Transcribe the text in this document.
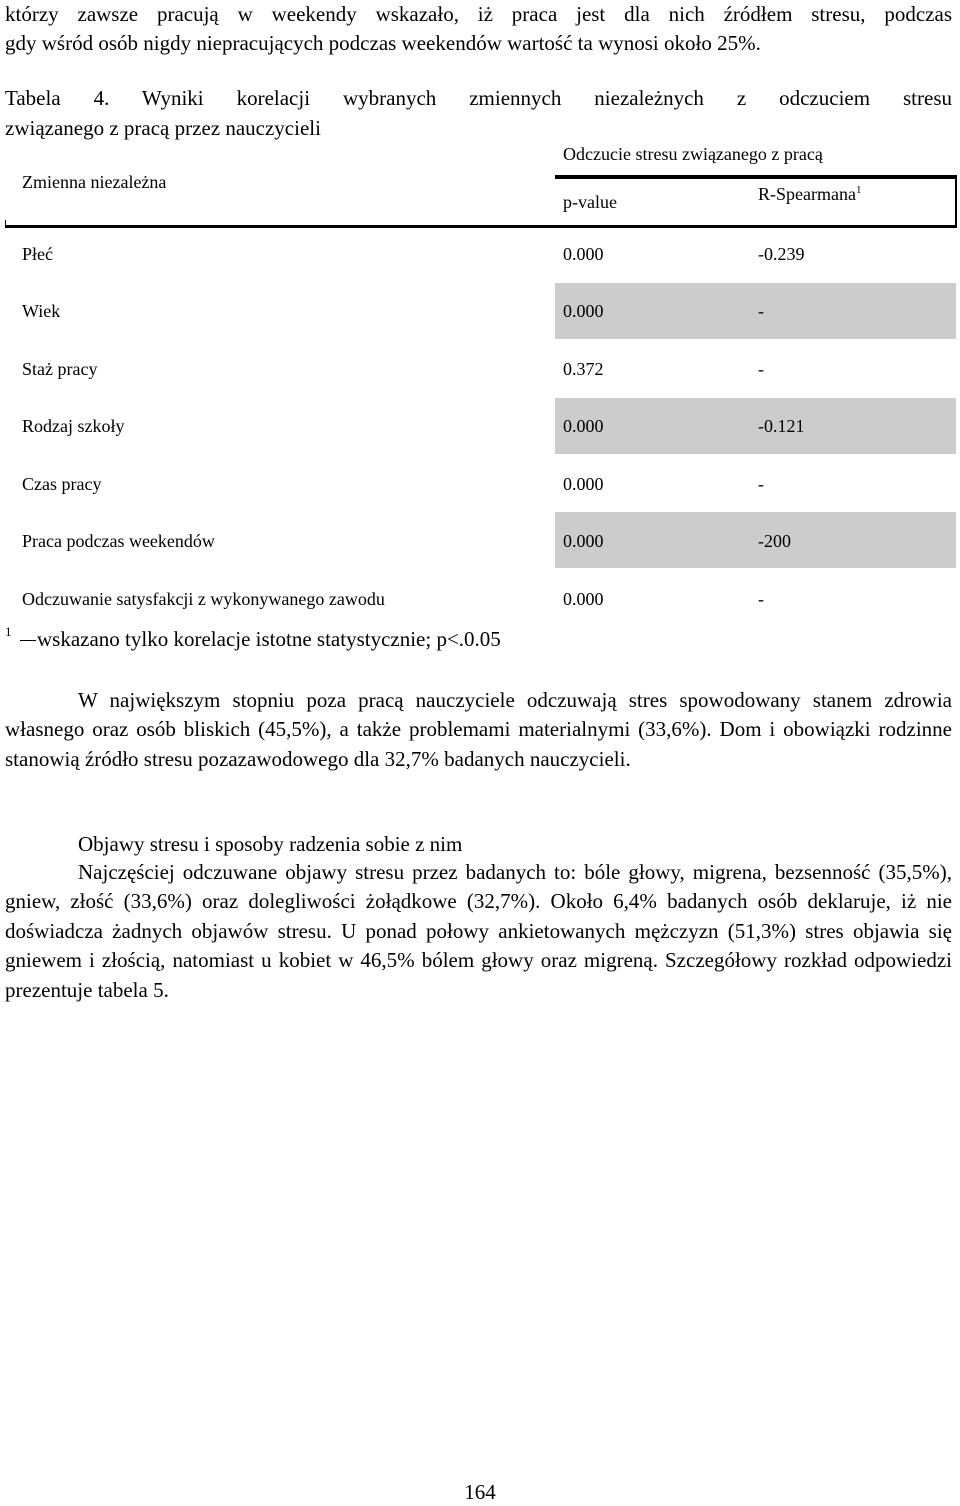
którzy zawsze pracują w weekendy wskazało, iż praca jest dla nich źródłem stresu, podczas
gdy wśród osób nigdy niepracujących podczas weekendów wartość ta wynosi około 25%.
Tabela 4. Wyniki korelacji wybranych zmiennych niezależnych z odczuciem stresu
związanego z pracą przez nauczycieli
Odczucie stresu związanego z pracą
Zmienna niezależna
p-value	R-Spearmana$^1$
Płeć	0.000	-0.239
Wiek	0.000	-
Staż pracy	0.372	-
Rodzaj szkoły	0.000	-0.121
Czas pracy	0.000	-
Praca podczas weekendów	0.000	-200
Odczuwanie satysfakcji z wykonywanego zawodu	0.000	-
1 wskazano tylko korelacje istotne statystycznie; p<.0.05
W największym stopniu poza pracą nauczyciele odczuwają stres spowodowany stanem zdrowia własnego oraz osób bliskich (45,5%), a także problemami materialnymi (33,6%). Dom i obowiązki rodzinne stanowią źródło stresu pozazawodowego dla 32,7% badanych nauczycieli.
Objawy stresu i sposoby radzenia sobie z nim
Najczęściej odczuwane objawy stresu przez badanych to: bóle głowy, migrena, bezsenność (35,5%), gniew, złość (33,6%) oraz dolegliwości żołądkowe (32,7%). Około 6,4% badanych osób deklaruje, iż nie doświadcza żadnych objawów stresu. U ponad połowy ankietowanych mężczyzn (51,3%) stres objawia się gniewem i złością, natomiast u kobiet w 46,5% bólem głowy oraz migreną. Szczegółowy rozkład odpowiedzi prezentuje tabela 5.
164
